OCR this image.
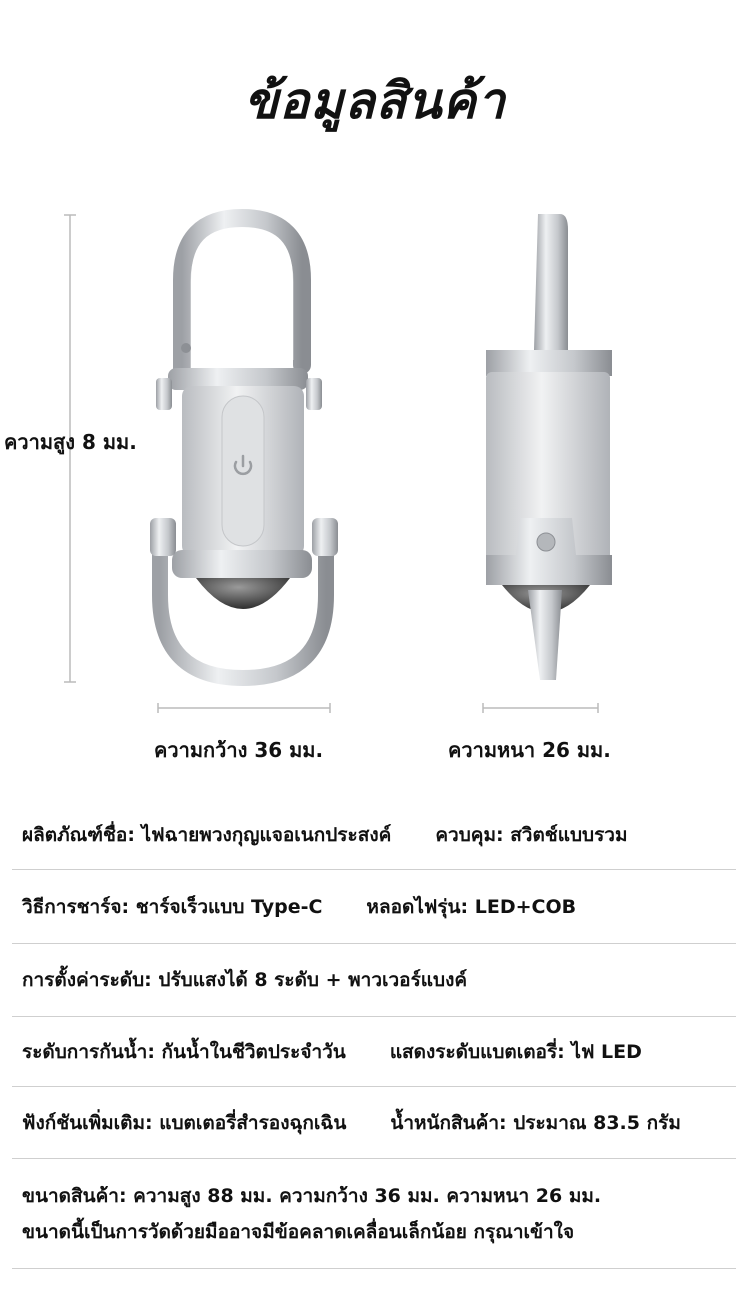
ข้อมูลสินค้า
ความสูง 8 มม.
ความกว้าง 36 มม.	ความหนา 26 มม.
ผลิตภัณฑ์ชื่อ: ไฟฉายพวงกุญแจอเนกประสงค์ ควบคุม: สวิตช์แบบรวม
วิธีการชาร์จ: ชาร์จเร็วแบบ Type-C หลอดไฟรุ่น: LED+COB
การตั้งค่าระดับ: ปรับแสงได้ 8 ระดับ + พาวเวอร์แบงค์
ระดับการกันน้ำ: กันน้ำในชีวิตประจำวัน แสดงระดับแบตเตอรี่: ไฟ LED
ฟังก์ชันเพิ่มเติม: แบตเตอรี่สำรองฉุกเฉิน น้ำหนักสินค้า: ประมาณ 83.5 กรัม
ขนาดสินค้า: ความสูง 88 มม. ความกว้าง 36 มม. ความหนา 26 มม.
ขนาดนี้เป็นการวัดด้วยมืออาจมีข้อคลาดเคลื่อนเล็กน้อย กรุณาเข้าใจ
